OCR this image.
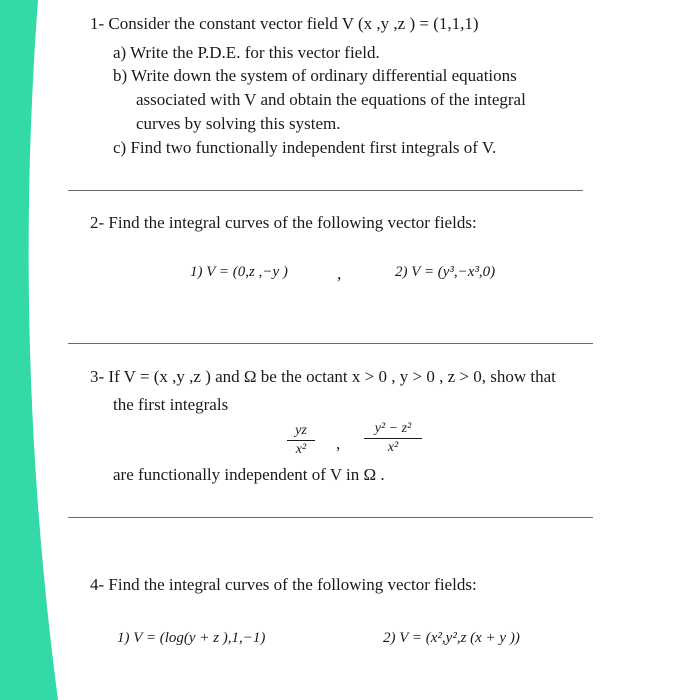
1- Consider the constant vector field V (x ,y ,z ) = (1,1,1)
a) Write the P.D.E. for this vector field.
b) Write down the system of ordinary differential equations
associated with V and obtain the equations of the integral
curves by solving this system.
c) Find two functionally independent first integrals of V.
2- Find the integral curves of the following vector fields:
1) V = (0,z ,−y )	,	2) V = (y³,−x³,0)
3- If V = (x ,y ,z ) and Ω be the octant x > 0 , y > 0 , z > 0, show that
the first integrals
yz
x²	,
y² − z²
x²
are functionally independent of V in Ω .
4- Find the integral curves of the following vector fields:
1) V = (log(y + z ),1,−1)	2) V = (x²,y²,z (x + y ))
